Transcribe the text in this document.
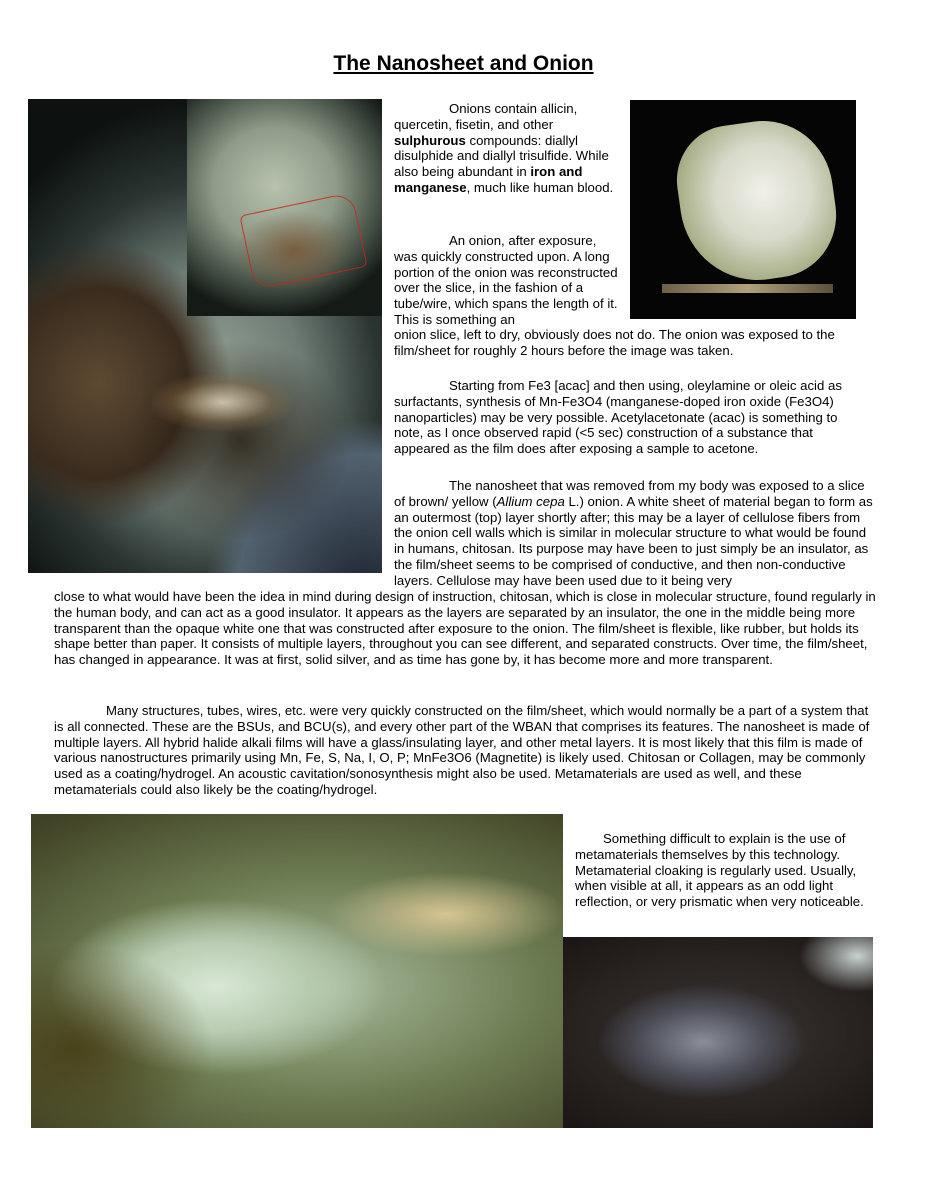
The Nanosheet and Onion

Onions contain allicin, quercetin, fisetin, and other sulphurous compounds: diallyl disulphide and diallyl trisulfide. While also being abundant in iron and manganese, much like human blood.

An onion, after exposure, was quickly constructed upon. A long portion of the onion was reconstructed over the slice, in the fashion of a tube/wire, which spans the length of it. This is something an

onion slice, left to dry, obviously does not do. The onion was exposed to the film/sheet for roughly 2 hours before the image was taken.

Starting from Fe3 [acac] and then using, oleylamine or oleic acid as surfactants, synthesis of Mn-Fe3O4 (manganese-doped iron oxide (Fe3O4) nanoparticles) may be very possible. Acetylacetonate (acac) is something to note, as I once observed rapid (<5 sec) construction of a substance that appeared as the film does after exposing a sample to acetone.

The nanosheet that was removed from my body was exposed to a slice of brown/ yellow (Allium cepa L.) onion. A white sheet of material began to form as an outermost (top) layer shortly after; this may be a layer of cellulose fibers from the onion cell walls which is similar in molecular structure to what would be found in humans, chitosan. Its purpose may have been to just simply be an insulator, as the film/sheet seems to be comprised of conductive, and then non-conductive layers. Cellulose may have been used due to it being very

close to what would have been the idea in mind during design of instruction, chitosan, which is close in molecular structure, found regularly in the human body, and can act as a good insulator. It appears as the layers are separated by an insulator, the one in the middle being more transparent than the opaque white one that was constructed after exposure to the onion. The film/sheet is flexible, like rubber, but holds its shape better than paper. It consists of multiple layers, throughout you can see different, and separated constructs. Over time, the film/sheet, has changed in appearance. It was at first, solid silver, and as time has gone by, it has become more and more transparent.

Many structures, tubes, wires, etc. were very quickly constructed on the film/sheet, which would normally be a part of a system that is all connected. These are the BSUs, and BCU(s), and every other part of the WBAN that comprises its features. The nanosheet is made of multiple layers. All hybrid halide alkali films will have a glass/insulating layer, and other metal layers. It is most likely that this film is made of various nanostructures primarily using Mn, Fe, S, Na, I, O, P; MnFe3O6 (Magnetite) is likely used. Chitosan or Collagen, may be commonly used as a coating/hydrogel. An acoustic cavitation/sonosynthesis might also be used. Metamaterials are used as well, and these metamaterials could also likely be the coating/hydrogel.

Something difficult to explain is the use of metamaterials themselves by this technology. Metamaterial cloaking is regularly used. Usually, when visible at all, it appears as an odd light reflection, or very prismatic when very noticeable.
